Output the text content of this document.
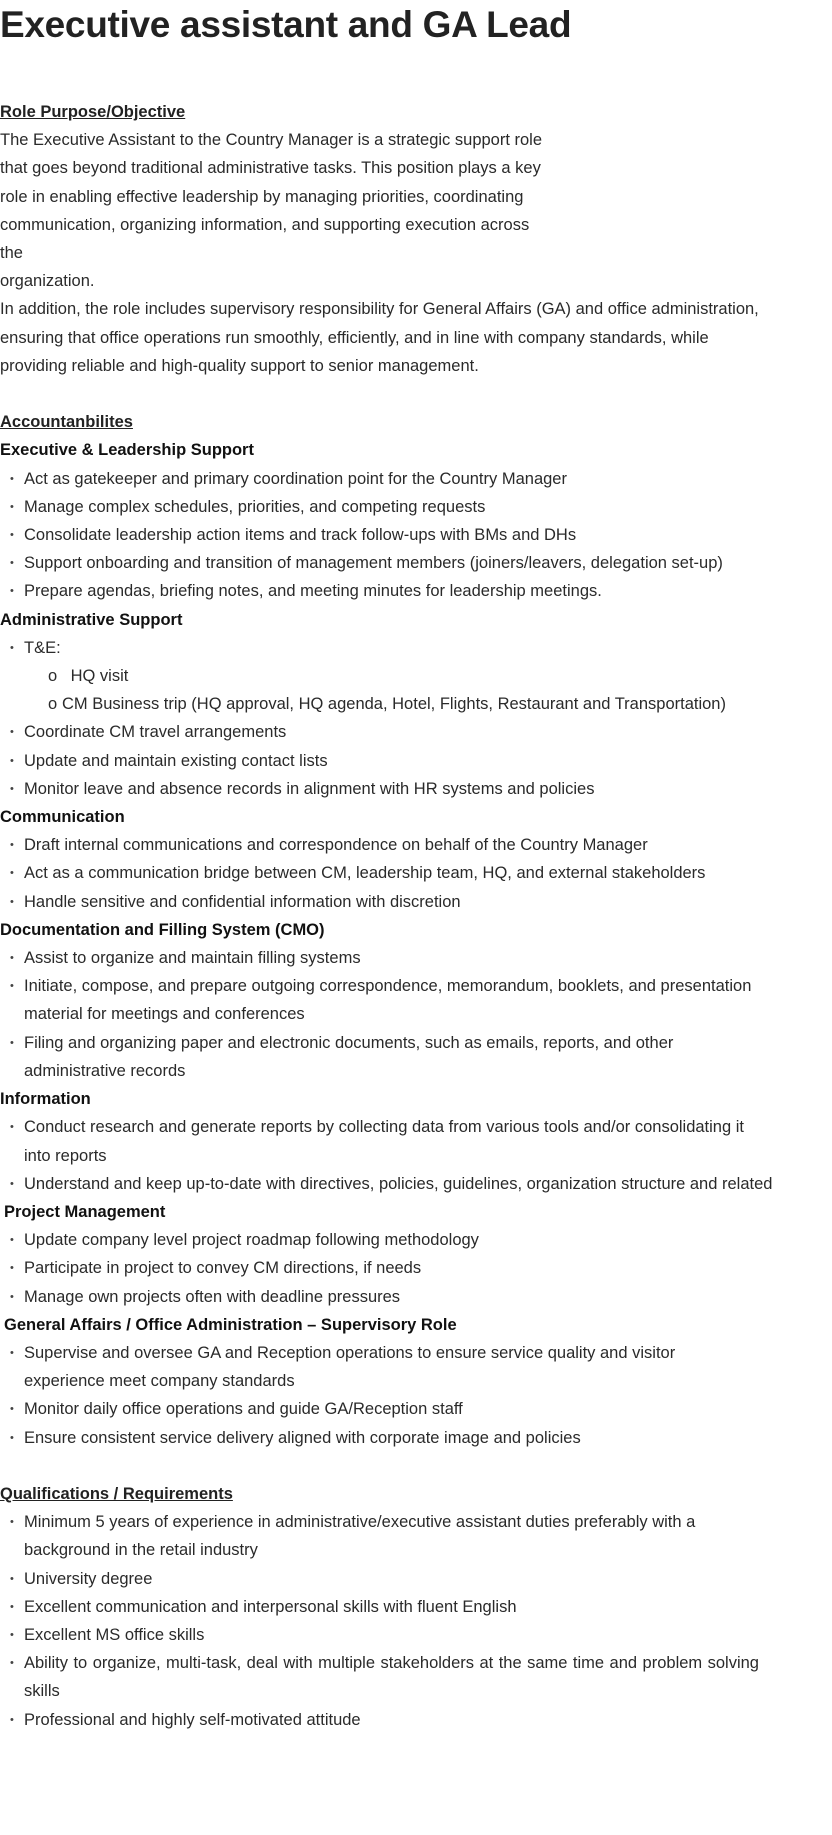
Executive assistant and GA Lead
Role Purpose/Objective
The Executive Assistant to the Country Manager is a strategic support role
that goes beyond traditional administrative tasks. This position plays a key
role in enabling effective leadership by managing priorities, coordinating
communication, organizing information, and supporting execution across the
organization.
In addition, the role includes supervisory responsibility for General Affairs (GA) and office administration,
ensuring that office operations run smoothly, efficiently, and in line with company standards, while
providing reliable and high-quality support to senior management.
Accountanbilites
Executive & Leadership Support
• Act as gatekeeper and primary coordination point for the Country Manager
• Manage complex schedules, priorities, and competing requests
• Consolidate leadership action items and track follow-ups with BMs and DHs
• Support onboarding and transition of management members (joiners/leavers, delegation set-up)
• Prepare agendas, briefing notes, and meeting minutes for leadership meetings.
Administrative Support
• T&E:
o HQ visit
o CM Business trip (HQ approval, HQ agenda, Hotel, Flights, Restaurant and Transportation)
• Coordinate CM travel arrangements
• Update and maintain existing contact lists
• Monitor leave and absence records in alignment with HR systems and policies
Communication
• Draft internal communications and correspondence on behalf of the Country Manager
• Act as a communication bridge between CM, leadership team, HQ, and external stakeholders
• Handle sensitive and confidential information with discretion
Documentation and Filling System (CMO)
• Assist to organize and maintain filling systems
• Initiate, compose, and prepare outgoing correspondence, memorandum, booklets, and presentation material for meetings and conferences
• Filing and organizing paper and electronic documents, such as emails, reports, and other administrative records
Information
• Conduct research and generate reports by collecting data from various tools and/or consolidating it into reports
• Understand and keep up-to-date with directives, policies, guidelines, organization structure and related
Project Management
• Update company level project roadmap following methodology
• Participate in project to convey CM directions, if needs
• Manage own projects often with deadline pressures
General Affairs / Office Administration – Supervisory Role
• Supervise and oversee GA and Reception operations to ensure service quality and visitor experience meet company standards
• Monitor daily office operations and guide GA/Reception staff
• Ensure consistent service delivery aligned with corporate image and policies
Qualifications / Requirements
• Minimum 5 years of experience in administrative/executive assistant duties preferably with a background in the retail industry
• University degree
• Excellent communication and interpersonal skills with fluent English
• Excellent MS office skills
• Ability to organize, multi-task, deal with multiple stakeholders at the same time and problem solving skills
• Professional and highly self-motivated attitude
